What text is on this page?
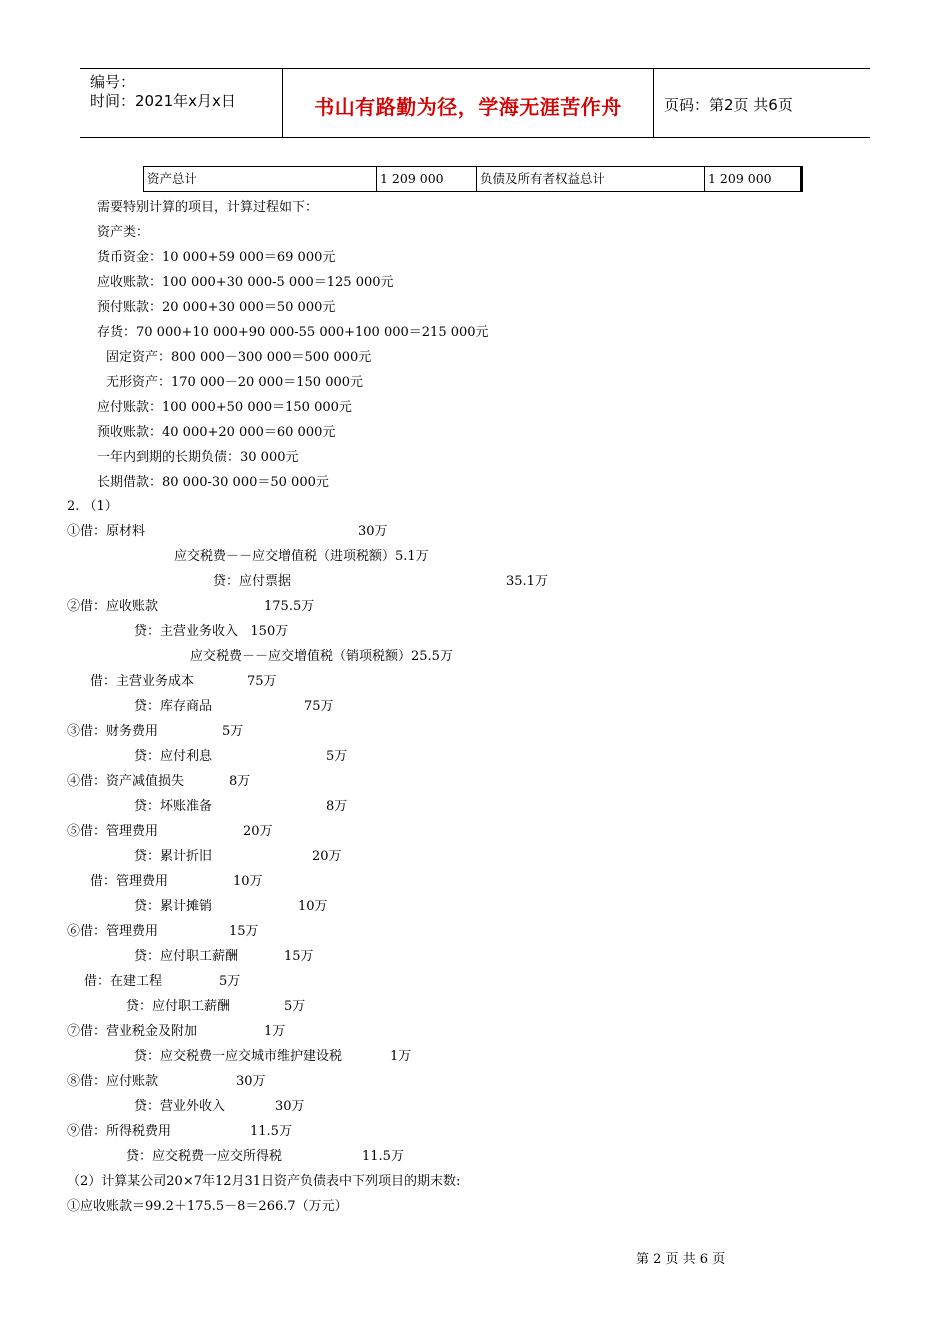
编号：
时间：2021年x月x日	书山有路勤为径，学海无涯苦作舟	页码：第2页 共6页
资产总计	1 209 000	负债及所有者权益总计	1 209 000
需要特别计算的项目，计算过程如下：
资产类：
货币资金：10 000+59 000＝69 000元
应收账款：100 000+30 000-5 000＝125 000元
预付账款：20 000+30 000＝50 000元
存货：70 000+10 000+90 000-55 000+100 000＝215 000元
固定资产：800 000－300 000＝500 000元
无形资产：170 000－20 000＝150 000元
应付账款：100 000+50 000＝150 000元
预收账款：40 000+20 000＝60 000元
一年内到期的长期负债：30 000元
长期借款：80 000-30 000＝50 000元
2. （1）
①借：原材料	30万
应交税费－－应交增值税（进项税额）5.1万
贷：应付票据	35.1万
②借：应收账款	175.5万
贷：主营业务收入   150万
应交税费－－应交增值税（销项税额）25.5万
借：主营业务成本	75万
贷：库存商品	75万
③借：财务费用	5万
贷：应付利息	5万
④借：资产减值损失	8万
贷：坏账准备	8万
⑤借：管理费用	20万
贷：累计折旧	20万
借：管理费用	10万
贷：累计摊销	10万
⑥借：管理费用	15万
贷：应付职工薪酬	15万
借：在建工程	5万
贷：应付职工薪酬	5万
⑦借：营业税金及附加	1万
贷：应交税费一应交城市维护建设税	1万
⑧借：应付账款	30万
贷：营业外收入	30万
⑨借：所得税费用	11.5万
贷：应交税费一应交所得税	11.5万
（2）计算某公司20×7年12月31日资产负债表中下列项目的期末数:
①应收账款＝99.2＋175.5－8＝266.7（万元）
第 2 页 共 6 页
